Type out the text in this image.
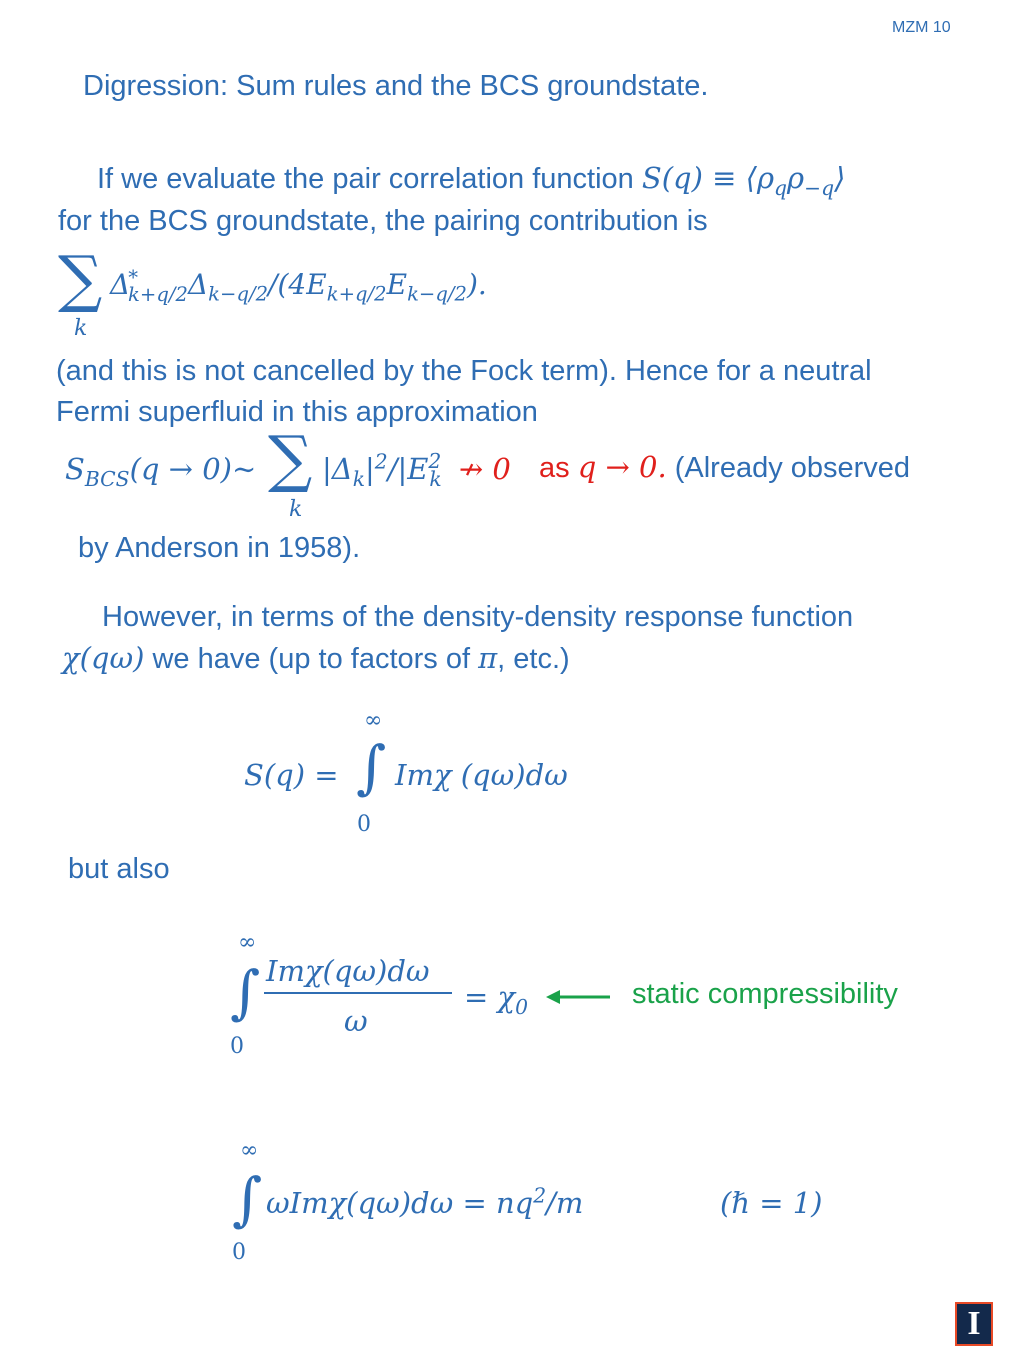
MZM 10
Digression: Sum rules and the BCS groundstate.
If we evaluate the pair correlation function $S(q) \equiv ⟨\rho_q\rho_{-q}⟩$
for the BCS groundstate, the pairing contribution is
∑
k
$\Delta^*_{k+q/2}\Delta_{k-q/2}/(4E_{k+q/2}E_{k-q/2})$.
(and this is not cancelled by the Fock term). Hence for a neutral
Fermi superfluid in this approximation
$S_{BCS}(q$ → 0)∼ ∑
k
$|\Delta_k|^2/|E^2_k$ ↛ 0 as q → 0. (Already observed
by Anderson in 1958).
However, in terms of the density-density response function
χ(qω) we have (up to factors of π, etc.)
S(q) =
∞
∫
0
Imχ (qω)dω
but also
∞
∫
0
Imχ(qω)dω
ω
= $\chi_0$	static compressibility
∞
∫
0
$\omega Im\chi(q\omega)d\omega = nq^2/m$	(ℏ = 1)
I
